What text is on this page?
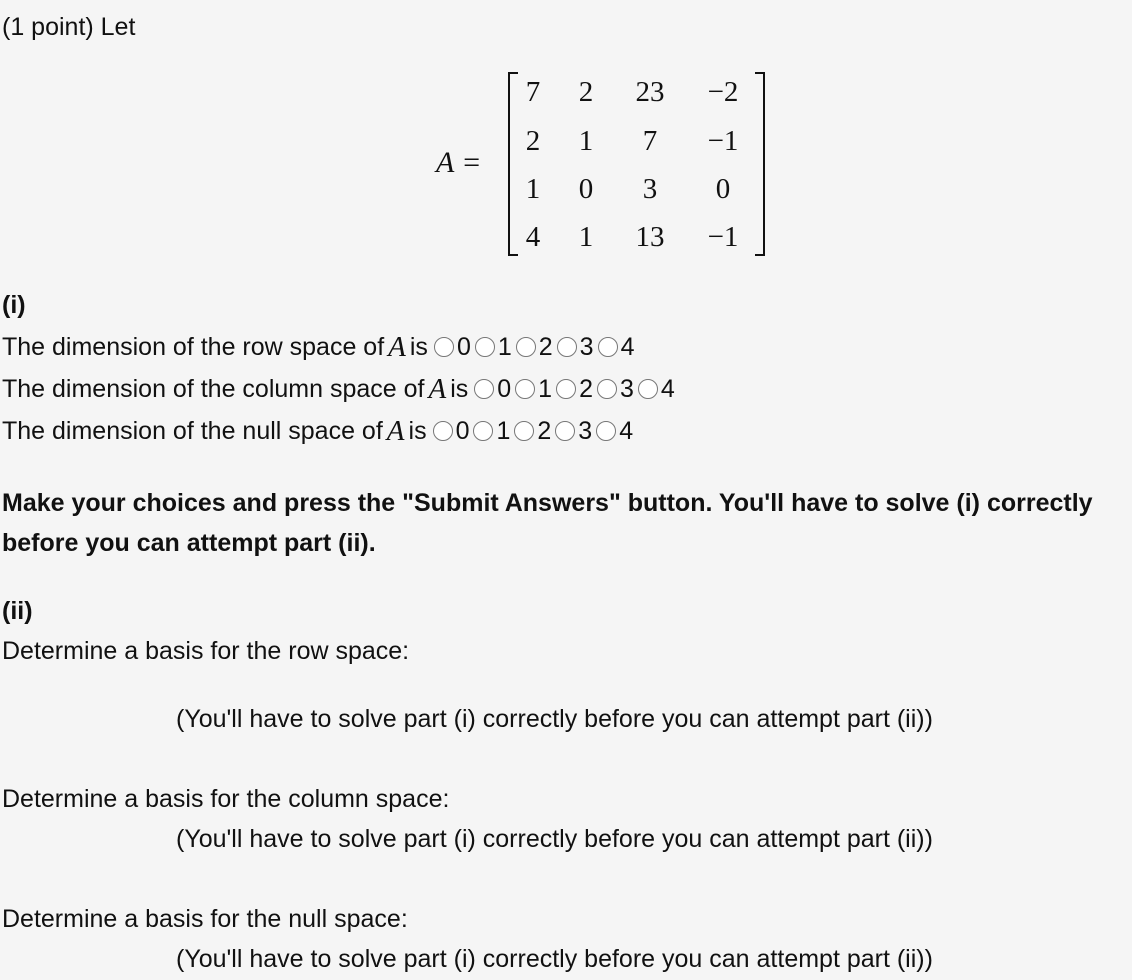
(1 point) Let
A =
7 2 23 −2
2 1 7 −1
1 0 3 0
4 1 13 −1
(i)
The dimension of the row space of A is 0 1 2 3 4
The dimension of the column space of A is 0 1 2 3 4
The dimension of the null space of A is 0 1 2 3 4
Make your choices and press the "Submit Answers" button. You'll have to solve (i) correctly before you can attempt part (ii).
(ii)
Determine a basis for the row space:
(You'll have to solve part (i) correctly before you can attempt part (ii))
Determine a basis for the column space:
(You'll have to solve part (i) correctly before you can attempt part (ii))
Determine a basis for the null space:
(You'll have to solve part (i) correctly before you can attempt part (ii))
